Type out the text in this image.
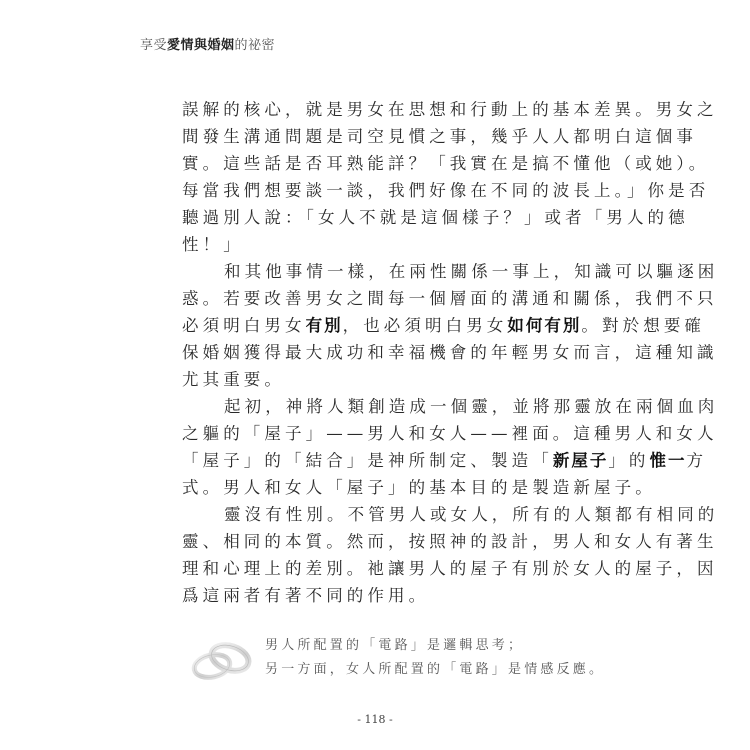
享受愛情與婚姻的祕密
誤解的核心，就是男女在思想和行動上的基本差異。男女之
間發生溝通問題是司空見慣之事，幾乎人人都明白這個事
實。這些話是否耳熟能詳？「我實在是搞不懂他（或她）。
每當我們想要談一談，我們好像在不同的波長上。」你是否
聽過別人說：「女人不就是這個樣子？」或者「男人的德
性！」
和其他事情一樣，在兩性關係一事上，知識可以驅逐困
惑。若要改善男女之間每一個層面的溝通和關係，我們不只
必須明白男女有別，也必須明白男女如何有別。對於想要確
保婚姻獲得最大成功和幸福機會的年輕男女而言，這種知識
尤其重要。
起初，神將人類創造成一個靈，並將那靈放在兩個血肉
之軀的「屋子」——男人和女人——裡面。這種男人和女人
「屋子」的「結合」是神所制定、製造「新屋子」的惟一方
式。男人和女人「屋子」的基本目的是製造新屋子。
靈沒有性別。不管男人或女人，所有的人類都有相同的
靈、相同的本質。然而，按照神的設計，男人和女人有著生
理和心理上的差別。祂讓男人的屋子有別於女人的屋子，因
爲這兩者有著不同的作用。
男人所配置的「電路」是邏輯思考；
另一方面，女人所配置的「電路」是情感反應。
- 118 -
